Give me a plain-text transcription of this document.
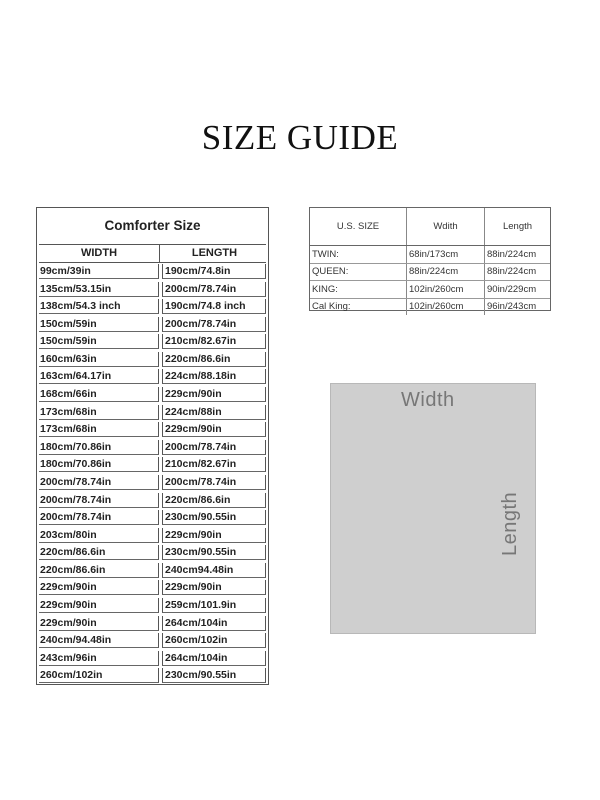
SIZE GUIDE
Comforter Size
WIDTH	LENGTH
99cm/39in	190cm/74.8in
135cm/53.15in	200cm/78.74in
138cm/54.3 inch	190cm/74.8 inch
150cm/59in	200cm/78.74in
150cm/59in	210cm/82.67in
160cm/63in	220cm/86.6in
163cm/64.17in	224cm/88.18in
168cm/66in	229cm/90in
173cm/68in	224cm/88in
173cm/68in	229cm/90in
180cm/70.86in	200cm/78.74in
180cm/70.86in	210cm/82.67in
200cm/78.74in	200cm/78.74in
200cm/78.74in	220cm/86.6in
200cm/78.74in	230cm/90.55in
203cm/80in	229cm/90in
220cm/86.6in	230cm/90.55in
220cm/86.6in	240cm94.48in
229cm/90in	229cm/90in
229cm/90in	259cm/101.9in
229cm/90in	264cm/104in
240cm/94.48in	260cm/102in
243cm/96in	264cm/104in
260cm/102in	230cm/90.55in
U.S. SIZE	Wdith	Length
TWIN:	68in/173cm	88in/224cm
QUEEN:	88in/224cm	88in/224cm
KING:	102in/260cm	90in/229cm
Cal King:	102in/260cm	96in/243cm
Width
Length
